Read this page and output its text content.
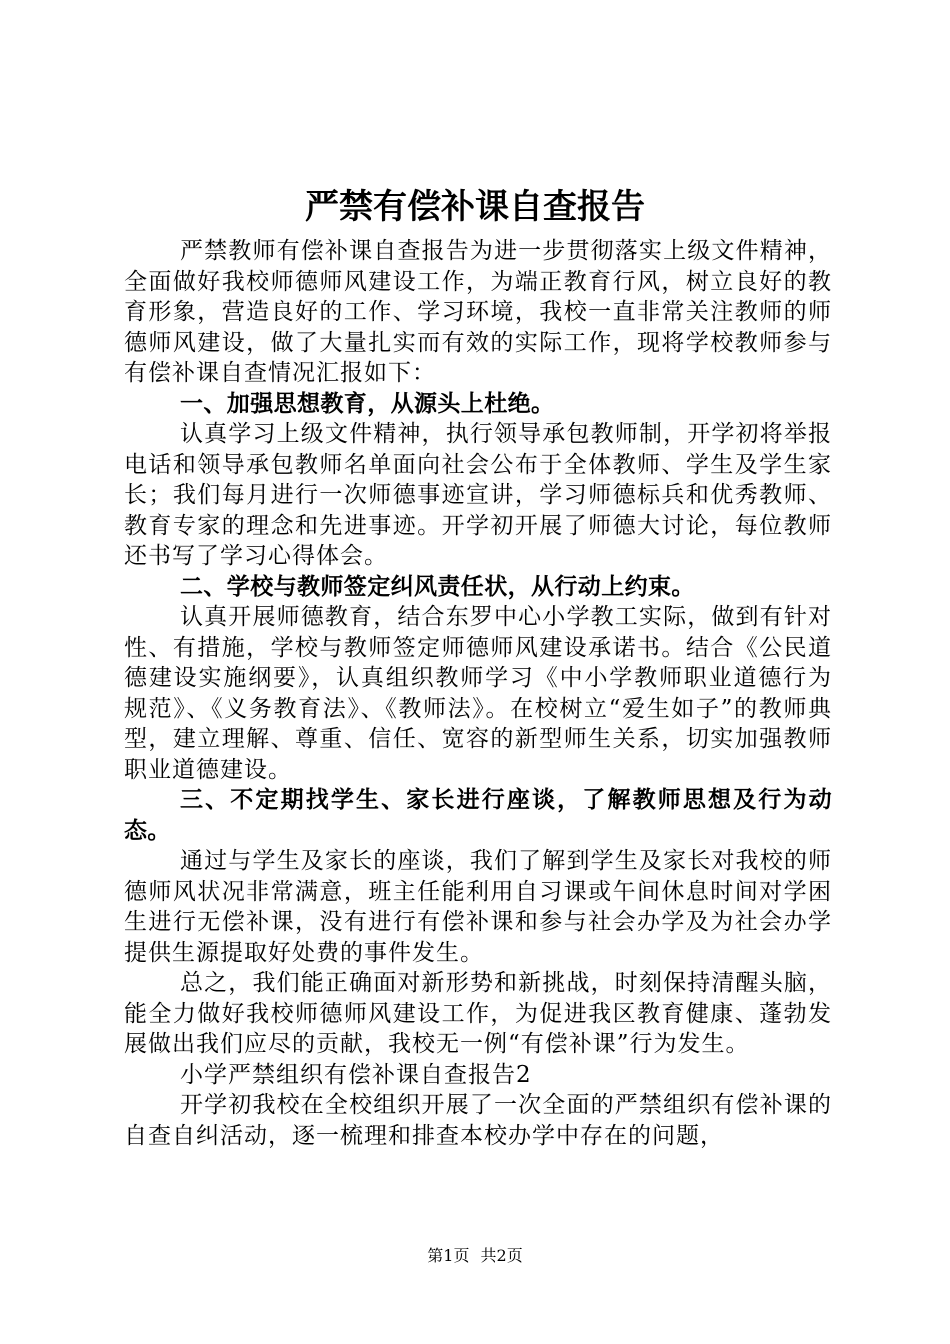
严禁有偿补课自查报告

严禁教师有偿补课自查报告为进一步贯彻落实上级文件精神，全面做好我校师德师风建设工作，为端正教育行风，树立良好的教育形象，营造良好的工作、学习环境，我校一直非常关注教师的师德师风建设，做了大量扎实而有效的实际工作，现将学校教师参与有偿补课自查情况汇报如下：

一、加强思想教育，从源头上杜绝。

认真学习上级文件精神，执行领导承包教师制，开学初将举报电话和领导承包教师名单面向社会公布于全体教师、学生及学生家长；我们每月进行一次师德事迹宣讲，学习师德标兵和优秀教师、教育专家的理念和先进事迹。开学初开展了师德大讨论，每位教师还书写了学习心得体会。

二、学校与教师签定纠风责任状，从行动上约束。

认真开展师德教育，结合东罗中心小学教工实际，做到有针对性、有措施，学校与教师签定师德师风建设承诺书。结合《公民道德建设实施纲要》，认真组织教师学习《中小学教师职业道德行为规范》、《义务教育法》、《教师法》。在校树立“爱生如子”的教师典型，建立理解、尊重、信任、宽容的新型师生关系，切实加强教师职业道德建设。

三、不定期找学生、家长进行座谈，了解教师思想及行为动态。

通过与学生及家长的座谈，我们了解到学生及家长对我校的师德师风状况非常满意，班主任能利用自习课或午间休息时间对学困生进行无偿补课，没有进行有偿补课和参与社会办学及为社会办学提供生源提取好处费的事件发生。

总之，我们能正确面对新形势和新挑战，时刻保持清醒头脑，能全力做好我校师德师风建设工作，为促进我区教育健康、蓬勃发展做出我们应尽的贡献，我校无一例“有偿补课”行为发生。

小学严禁组织有偿补课自查报告2

开学初我校在全校组织开展了一次全面的严禁组织有偿补课的自查自纠活动，逐一梳理和排查本校办学中存在的问题，

第1页 共2页
